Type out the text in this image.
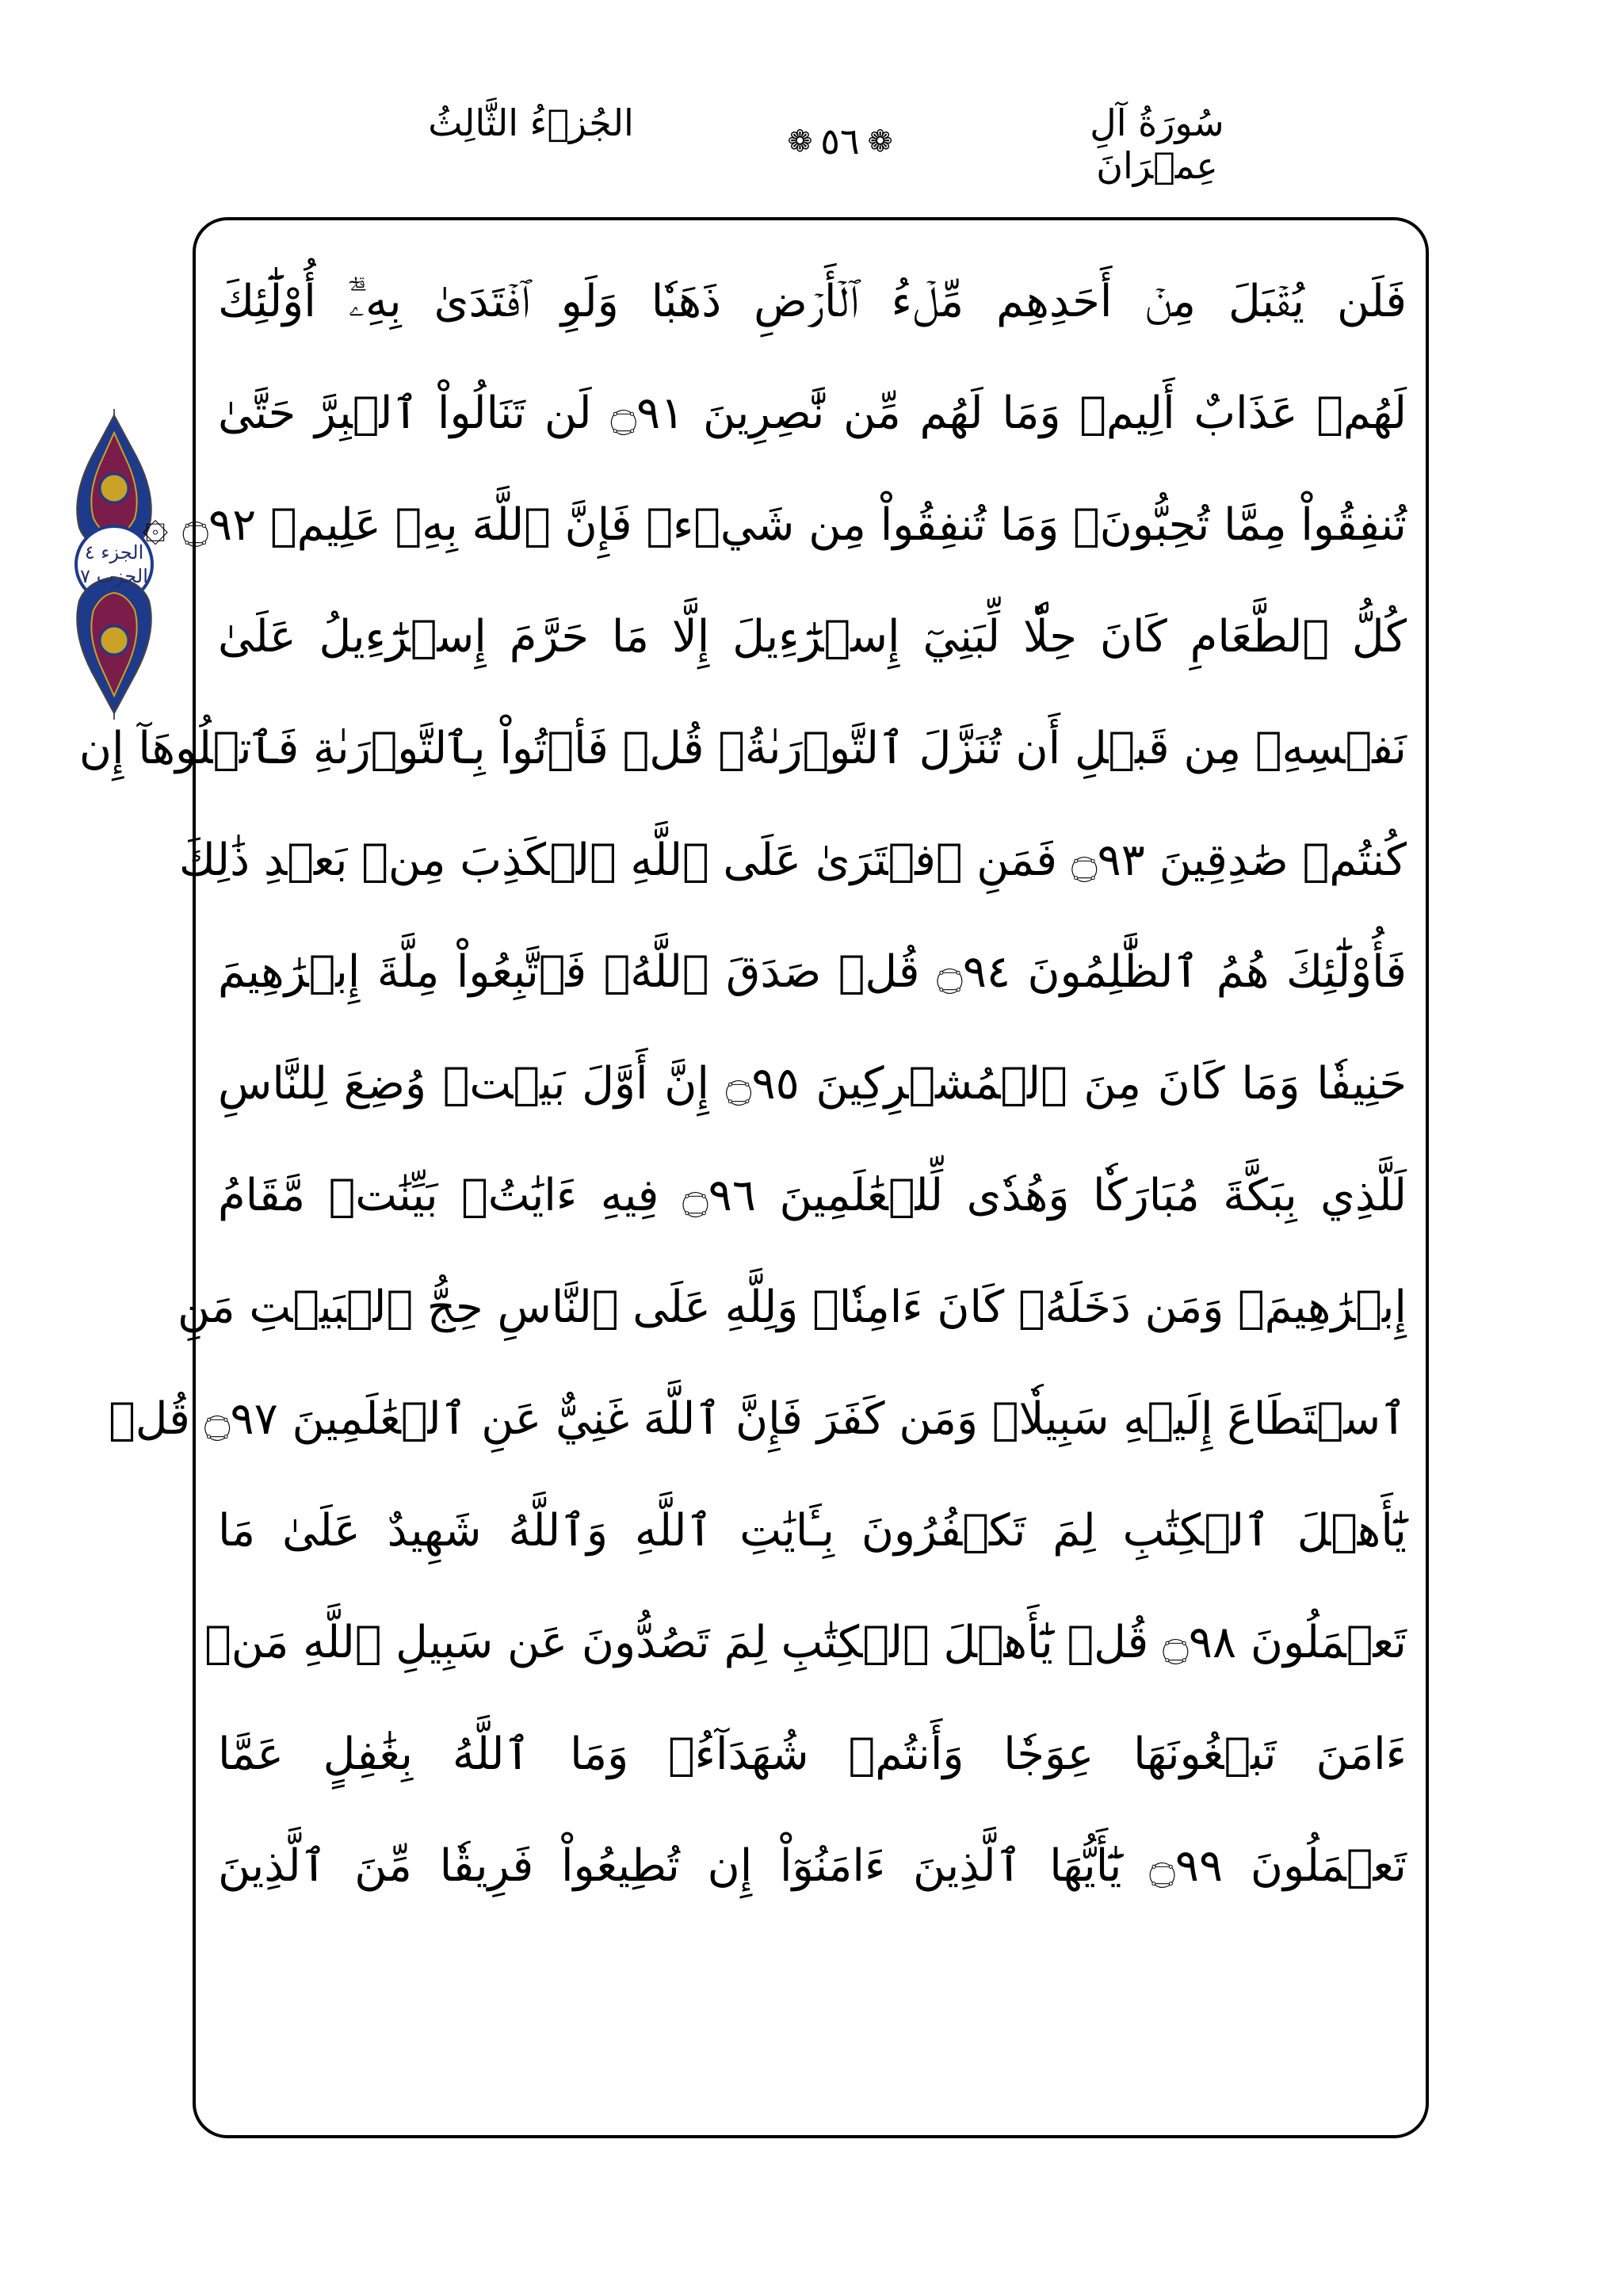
سُورَةُ آلِ عِمۡرَانَ
❁
٥٦
❁
الجُزۡءُ الثَّالِثُ
الجزء ٤
الحزب ٧
فَلَن يُقۡبَلَ مِنۡ أَحَدِهِم مِّلۡءُ ٱلۡأَرۡضِ ذَهَبٗا وَلَوِ ٱفۡتَدَىٰ بِهِۦٓۗ أُوْلَٰٓئِكَ
لَهُمۡ عَذَابٌ أَلِيمٞ وَمَا لَهُم مِّن نَّٰصِرِينَ ۝٩١ لَن تَنَالُواْ ٱلۡبِرَّ حَتَّىٰ
تُنفِقُواْ مِمَّا تُحِبُّونَۚ وَمَا تُنفِقُواْ مِن شَيۡءٖ فَإِنَّ ٱللَّهَ بِهِۦ عَلِيمٞ ۝٩٢ ۞
كُلُّ ٱلطَّعَامِ كَانَ حِلّٗا لِّبَنِيٓ إِسۡرَٰٓءِيلَ إِلَّا مَا حَرَّمَ إِسۡرَٰٓءِيلُ عَلَىٰ
نَفۡسِهِۦ مِن قَبۡلِ أَن تُنَزَّلَ ٱلتَّوۡرَىٰةُۗ قُلۡ فَأۡتُواْ بِٱلتَّوۡرَىٰةِ فَٱتۡلُوهَآ إِن
كُنتُمۡ صَٰدِقِينَ ۝٩٣ فَمَنِ ٱفۡتَرَىٰ عَلَى ٱللَّهِ ٱلۡكَذِبَ مِنۢ بَعۡدِ ذَٰلِكَ
فَأُوْلَٰٓئِكَ هُمُ ٱلظَّٰلِمُونَ ۝٩٤ قُلۡ صَدَقَ ٱللَّهُۗ فَٱتَّبِعُواْ مِلَّةَ إِبۡرَٰهِيمَ
حَنِيفٗا وَمَا كَانَ مِنَ ٱلۡمُشۡرِكِينَ ۝٩٥ إِنَّ أَوَّلَ بَيۡتٖ وُضِعَ لِلنَّاسِ
لَلَّذِي بِبَكَّةَ مُبَارَكٗا وَهُدٗى لِّلۡعَٰلَمِينَ ۝٩٦ فِيهِ ءَايَٰتُۢ بَيِّنَٰتٞ مَّقَامُ
إِبۡرَٰهِيمَۖ وَمَن دَخَلَهُۥ كَانَ ءَامِنٗاۗ وَلِلَّهِ عَلَى ٱلنَّاسِ حِجُّ ٱلۡبَيۡتِ مَنِ
ٱسۡتَطَاعَ إِلَيۡهِ سَبِيلٗاۚ وَمَن كَفَرَ فَإِنَّ ٱللَّهَ غَنِيٌّ عَنِ ٱلۡعَٰلَمِينَ ۝٩٧ قُلۡ
يَٰٓأَهۡلَ ٱلۡكِتَٰبِ لِمَ تَكۡفُرُونَ بِـَٔايَٰتِ ٱللَّهِ وَٱللَّهُ شَهِيدٌ عَلَىٰ مَا
تَعۡمَلُونَ ۝٩٨ قُلۡ يَٰٓأَهۡلَ ٱلۡكِتَٰبِ لِمَ تَصُدُّونَ عَن سَبِيلِ ٱللَّهِ مَنۡ
ءَامَنَ تَبۡغُونَهَا عِوَجٗا وَأَنتُمۡ شُهَدَآءُۗ وَمَا ٱللَّهُ بِغَٰفِلٍ عَمَّا
تَعۡمَلُونَ ۝٩٩ يَٰٓأَيُّهَا ٱلَّذِينَ ءَامَنُوٓاْ إِن تُطِيعُواْ فَرِيقٗا مِّنَ ٱلَّذِينَ
